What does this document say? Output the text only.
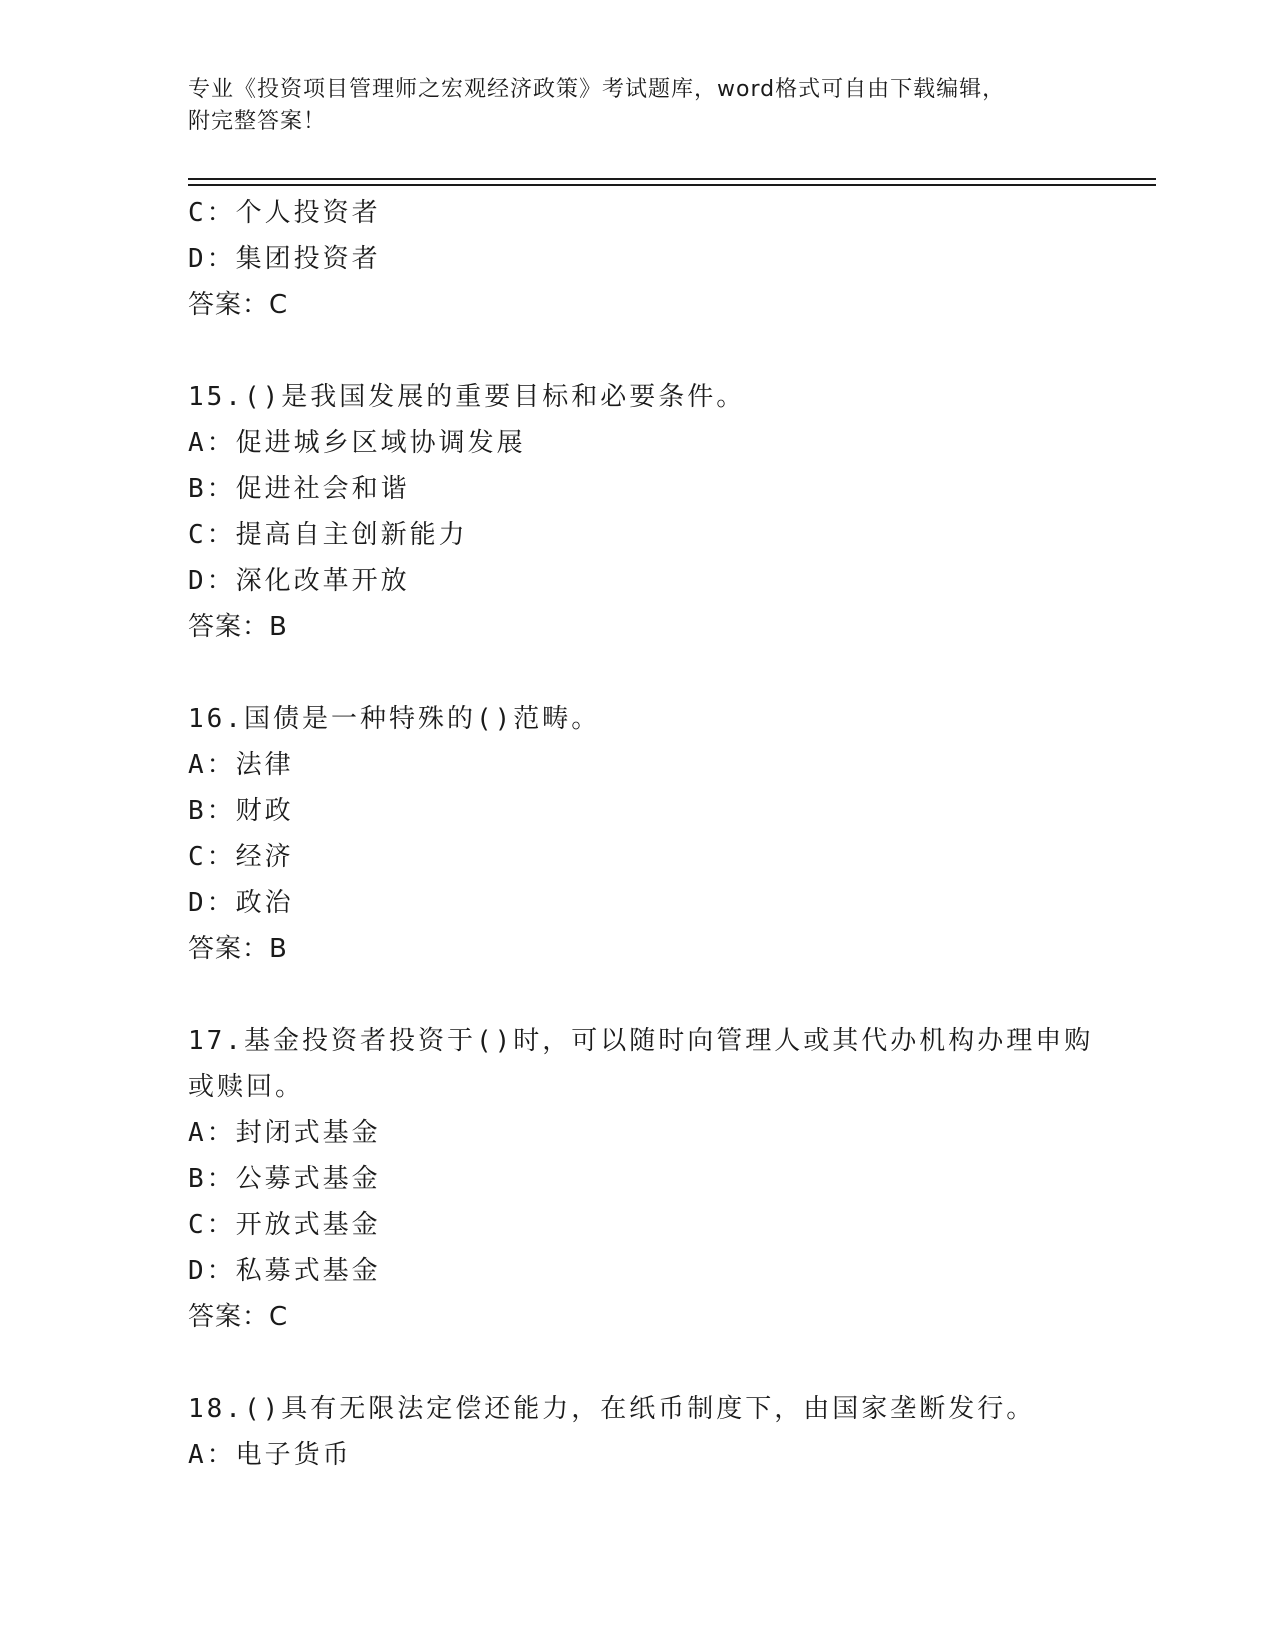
专业《投资项目管理师之宏观经济政策》考试题库，word格式可自由下载编辑，
附完整答案！
C：个人投资者
D：集团投资者
答案：C
15.()是我国发展的重要目标和必要条件。
A：促进城乡区域协调发展
B：促进社会和谐
C：提高自主创新能力
D：深化改革开放
答案：B
16.国债是一种特殊的()范畴。
A：法律
B：财政
C：经济
D：政治
答案：B
17.基金投资者投资于()时，可以随时向管理人或其代办机构办理申购
或赎回。
A：封闭式基金
B：公募式基金
C：开放式基金
D：私募式基金
答案：C
18.()具有无限法定偿还能力，在纸币制度下，由国家垄断发行。
A：电子货币
